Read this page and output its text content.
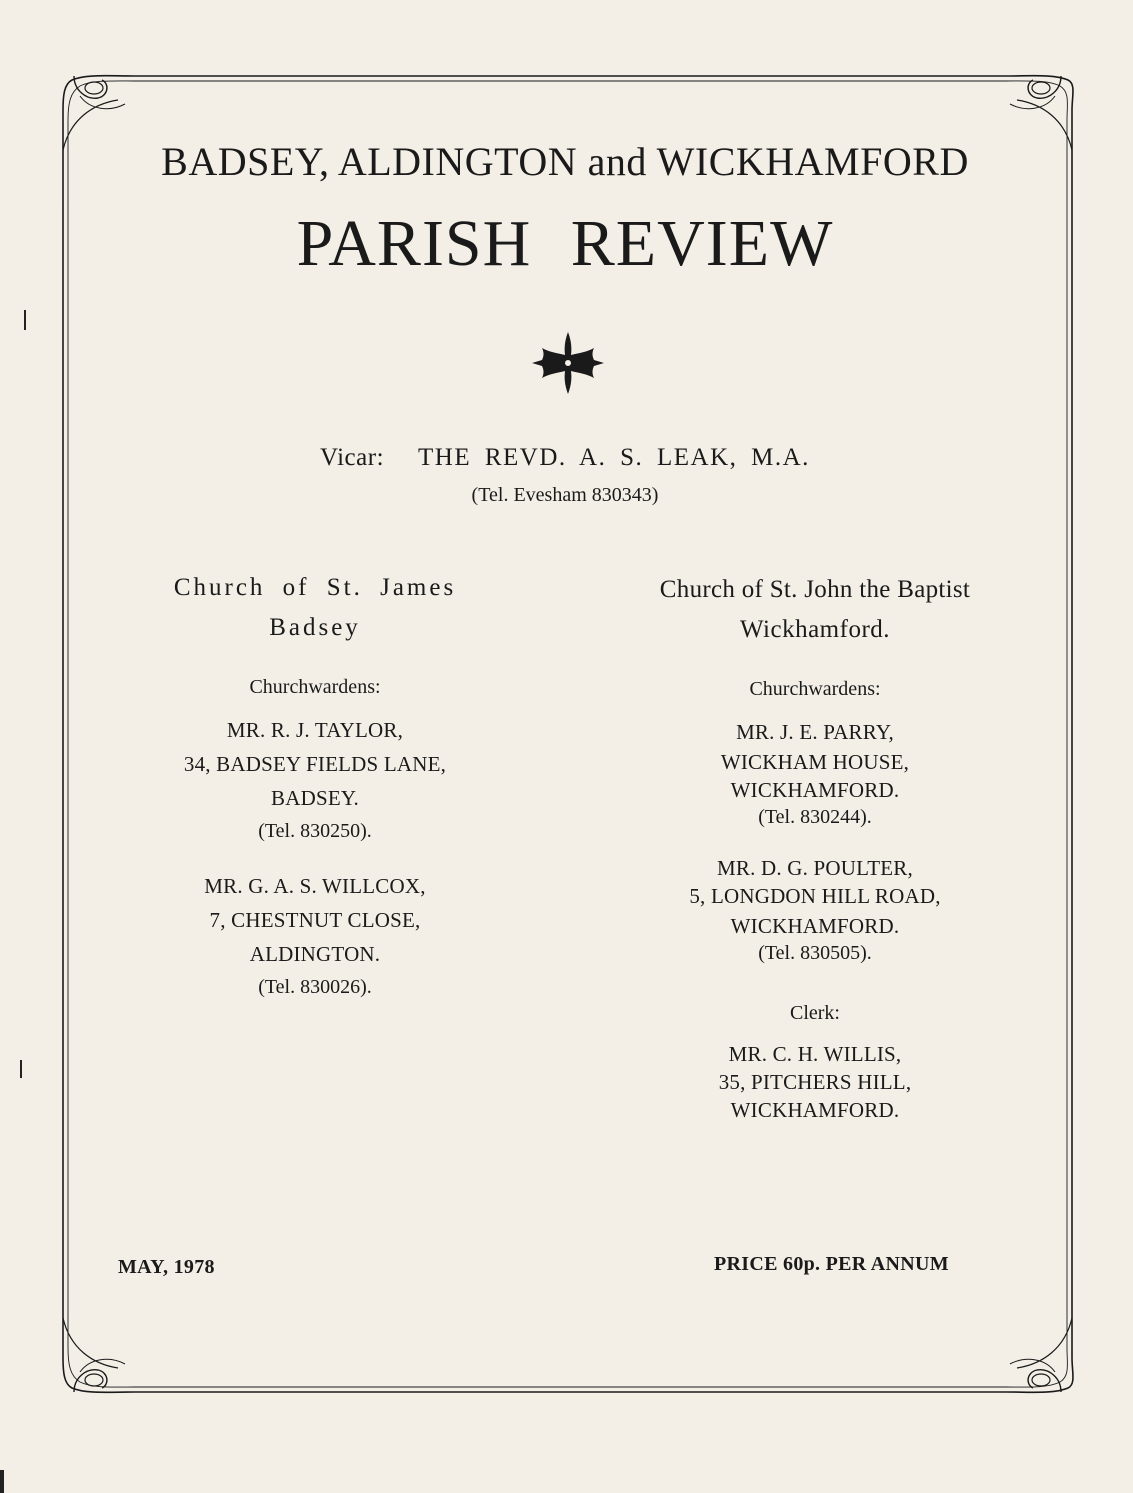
BADSEY, ALDINGTON and WICKHAMFORD
PARISH REVIEW
Vicar: THE REVD. A. S. LEAK, M.A.
(Tel. Evesham 830343)
Church of St. James
Badsey
Churchwardens:
MR. R. J. TAYLOR,
34, BADSEY FIELDS LANE,
BADSEY.
(Tel. 830250).
MR. G. A. S. WILLCOX,
7, CHESTNUT CLOSE,
ALDINGTON.
(Tel. 830026).
Church of St. John the Baptist
Wickhamford.
Churchwardens:
MR. J. E. PARRY,
WICKHAM HOUSE,
WICKHAMFORD.
(Tel. 830244).
MR. D. G. POULTER,
5, LONGDON HILL ROAD,
WICKHAMFORD.
(Tel. 830505).
Clerk:
MR. C. H. WILLIS,
35, PITCHERS HILL,
WICKHAMFORD.
MAY, 1978	PRICE 60p. PER ANNUM
